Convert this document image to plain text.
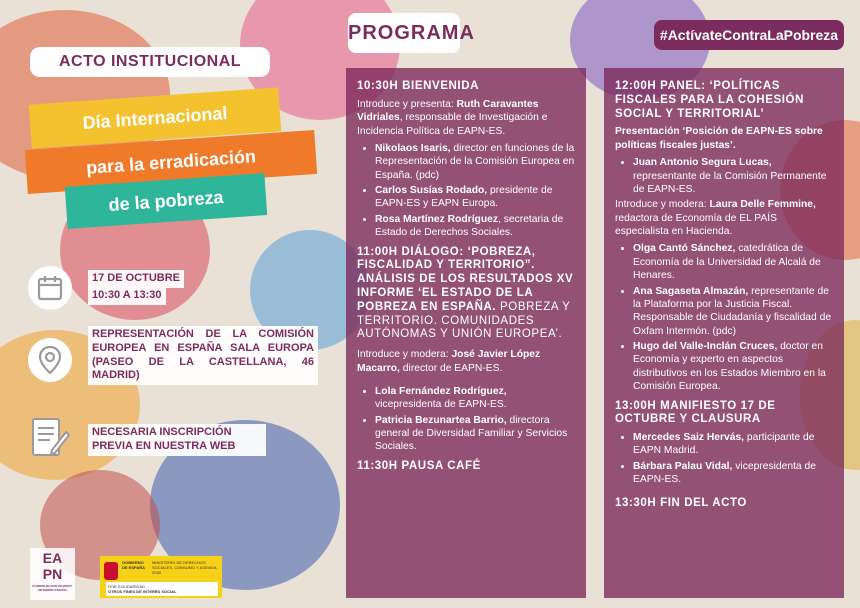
PROGRAMA	#ActívateContraLaPobreza
ACTO INSTITUCIONAL
Día Internacional
para la erradicación
de la pobreza
17 DE OCTUBRE
10:30 A 13:30
REPRESENTACIÓN DE LA COMISIÓN EUROPEA EN ESPAÑA SALA EUROPA (PASEO DE LA CASTELLANA, 46 MADRID)
NECESARIA INSCRIPCIÓN PREVIA EN NUESTRA WEB
10:30H BIENVENIDA

Introduce y presenta: Ruth Caravantes Vidriales, responsable de Investigación e Incidencia Política de EAPN-ES.

• Nikolaos Isaris, director en funciones de la Representación de la Comisión Europea en España. (pdc)
• Carlos Susías Rodado, presidente de EAPN-ES y EAPN Europa.
• Rosa Martínez Rodríguez, secretaria de Estado de Derechos Sociales.
11:00H DIÁLOGO: ‘POBREZA, FISCALIDAD Y TERRITORIO”. ANÁLISIS DE LOS RESULTADOS XV INFORME ‘EL ESTADO DE LA POBREZA EN ESPAÑA. POBREZA Y TERRITORIO. COMUNIDADES AUTÓNOMAS Y UNIÓN EUROPEA’.

Introduce y modera: José Javier López Macarro, director de EAPN-ES.

• Lola Fernández Rodríguez, vicepresidenta de EAPN-ES.
• Patricia Bezunartea Barrio, directora general de Diversidad Familiar y Servicios Sociales.
11:30H PAUSA CAFÉ
12:00H PANEL: ‘POLÍTICAS FISCALES PARA LA COHESIÓN SOCIAL Y TERRITORIAL’

Presentación ‘Posición de EAPN-ES sobre políticas fiscales justas’.

• Juan Antonio Segura Lucas, representante de la Comisión Permanente de EAPN-ES.

Introduce y modera: Laura Delle Femmine, redactora de Economía de EL PAÍS especialista en Hacienda.

• Olga Cantó Sánchez, catedrática de Economía de la Universidad de Alcalá de Henares.
• Ana Sagaseta Almazán, representante de la Plataforma por la Justicia Fiscal. Responsable de Ciudadanía y fiscalidad de Oxfam Intermón. (pdc)
• Hugo del Valle-Inclán Cruces, doctor en Economía y experto en aspectos distributivos en los Estados Miembro en la Comisión Europea.
13:00H MANIFIESTO 17 DE OCTUBRE Y CLAUSURA
• Mercedes Saiz Hervás, participante de EAPN Madrid.
• Bárbara Palau Vidal, vicepresidenta de EAPN-ES.
13:30H FIN DEL ACTO
EA
PN
EUROPEAN ANTI POVERTY NETWORK ESPAÑA
GOBIERNO
DE ESPAÑA
MINISTERIO DE DERECHOS SOCIALES, CONSUMO Y AGENDA 2030
POR SOLIDARIDAD
OTROS FINES DE INTERÉS SOCIAL
